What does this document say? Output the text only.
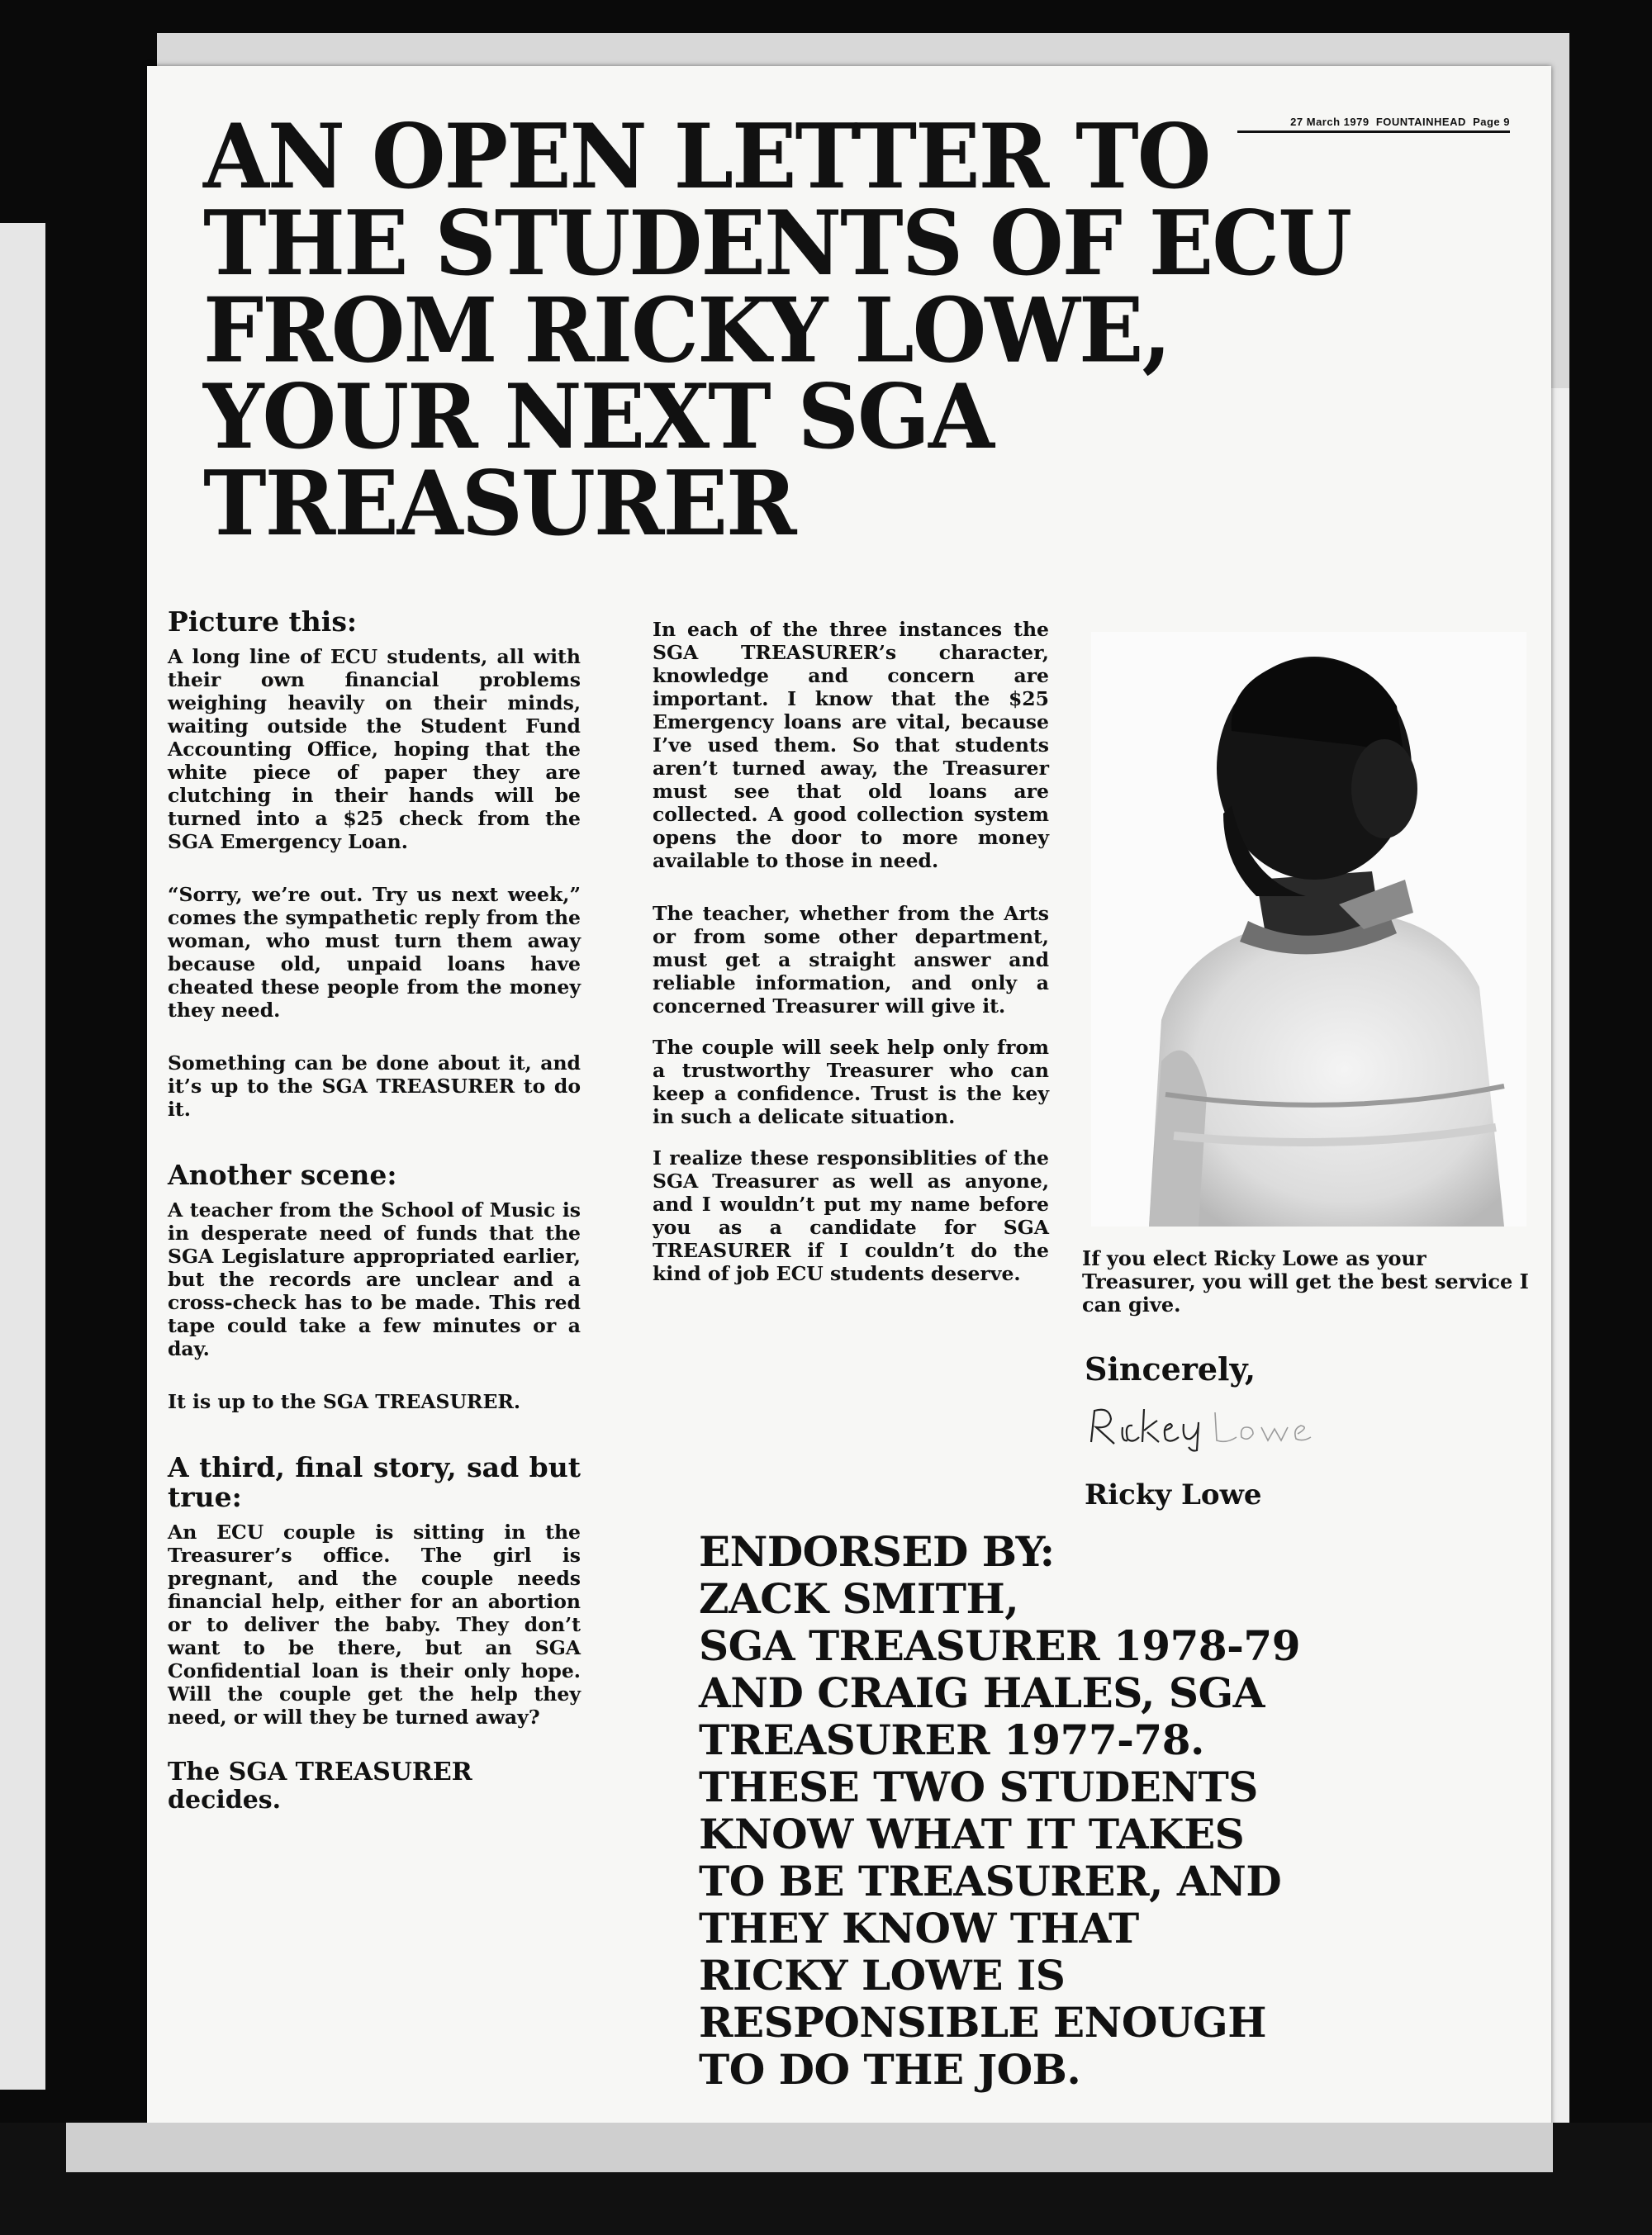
27 March 1979 FOUNTAINHEAD Page 9
AN OPEN LETTER TO
THE STUDENTS OF ECU
FROM RICKY LOWE,
YOUR NEXT SGA
TREASURER
Picture this:

A long line of ECU students, all with their own financial problems weighing heavily on their minds, waiting outside the Student Fund Accounting Office, hoping that the white piece of paper they are clutching in their hands will be turned into a $25 check from the SGA Emergency Loan.

“Sorry, we’re out. Try us next week,” comes the sympathetic reply from the woman, who must turn them away because old, unpaid loans have cheated these people from the money they need.

Something can be done about it, and it’s up to the SGA TREASURER to do it.

Another scene:

A teacher from the School of Music is in desperate need of funds that the SGA Legislature appropriated earlier, but the records are unclear and a cross-check has to be made. This red tape could take a few minutes or a day.

It is up to the SGA TREASURER.

A third, final story, sad but true:

An ECU couple is sitting in the Treasurer’s office. The girl is pregnant, and the couple needs financial help, either for an abortion or to deliver the baby. They don’t want to be there, but an SGA Confidential loan is their only hope. Will the couple get the help they need, or will they be turned away?

The SGA TREASURER decides.

In each of the three instances the SGA TREASURER’s character, knowledge and concern are important. I know that the $25 Emergency loans are vital, because I’ve used them. So that students aren’t turned away, the Treasurer must see that old loans are collected. A good collection system opens the door to more money available to those in need.

The teacher, whether from the Arts or from some other department, must get a straight answer and reliable information, and only a concerned Treasurer will give it.

The couple will seek help only from a trustworthy Treasurer who can keep a confidence. Trust is the key in such a delicate situation.

I realize these responsiblities of the SGA Treasurer as well as anyone, and I wouldn’t put my name before you as a candidate for SGA TREASURER if I couldn’t do the kind of job ECU students deserve.

If you elect Ricky Lowe as your Treasurer, you will get the best service I can give.
Sincerely,
Ricky Lowe
ENDORSED BY:
ZACK SMITH,
SGA TREASURER 1978-79
AND CRAIG HALES, SGA
TREASURER 1977-78.
THESE TWO STUDENTS
KNOW WHAT IT TAKES
TO BE TREASURER, AND
THEY KNOW THAT
RICKY LOWE IS
RESPONSIBLE ENOUGH
TO DO THE JOB.
